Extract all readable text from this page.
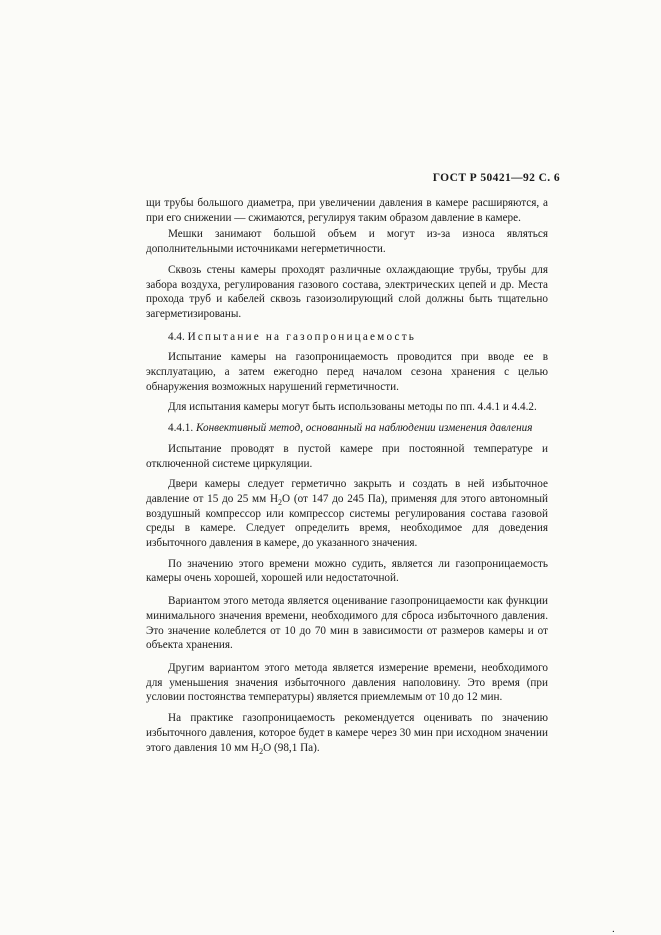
ГОСТ Р 50421—92 С. 6

щи трубы большого диаметра, при увеличении давления в камере расширяются, а при его снижении — сжимаются, регулируя таким образом давление в камере.

Мешки занимают большой объем и могут из-за износа являться дополнительными источниками негерметичности.

Сквозь стены камеры проходят различные охлаждающие трубы, трубы для забора воздуха, регулирования газового состава, электрических цепей и др. Места прохода труб и кабелей сквозь газоизолирующий слой должны быть тщательно загерметизированы.

4.4. Испытание на газопроницаемость

Испытание камеры на газопроницаемость проводится при вводе ее в эксплуатацию, а затем ежегодно перед началом сезона хранения с целью обнаружения возможных нарушений герметичности.

Для испытания камеры могут быть использованы методы по пп. 4.4.1 и 4.4.2.

4.4.1. Конвективный метод, основанный на наблюдении изменения давления

Испытание проводят в пустой камере при постоянной температуре и отключенной системе циркуляции.

Двери камеры следует герметично закрыть и создать в ней избыточное давление от 15 до 25 мм $H_2O$ (от 147 до 245 Па), применяя для этого автономный воздушный компрессор или компрессор системы регулирования состава газовой среды в камере. Следует определить время, необходимое для доведения избыточного давления в камере, до указанного значения.

По значению этого времени можно судить, является ли газопроницаемость камеры очень хорошей, хорошей или недостаточной.

Вариантом этого метода является оценивание газопроницаемости как функции минимального значения времени, необходимого для сброса избыточного давления. Это значение колеблется от 10 до 70 мин в зависимости от размеров камеры и от объекта хранения.

Другим вариантом этого метода является измерение времени, необходимого для уменьшения значения избыточного давления наполовину. Это время (при условии постоянства температуры) является приемлемым от 10 до 12 мин.

На практике газопроницаемость рекомендуется оценивать по значению избыточного давления, которое будет в камере через 30 мин при исходном значении этого давления 10 мм $H_2O$ (98,1 Па).

.
